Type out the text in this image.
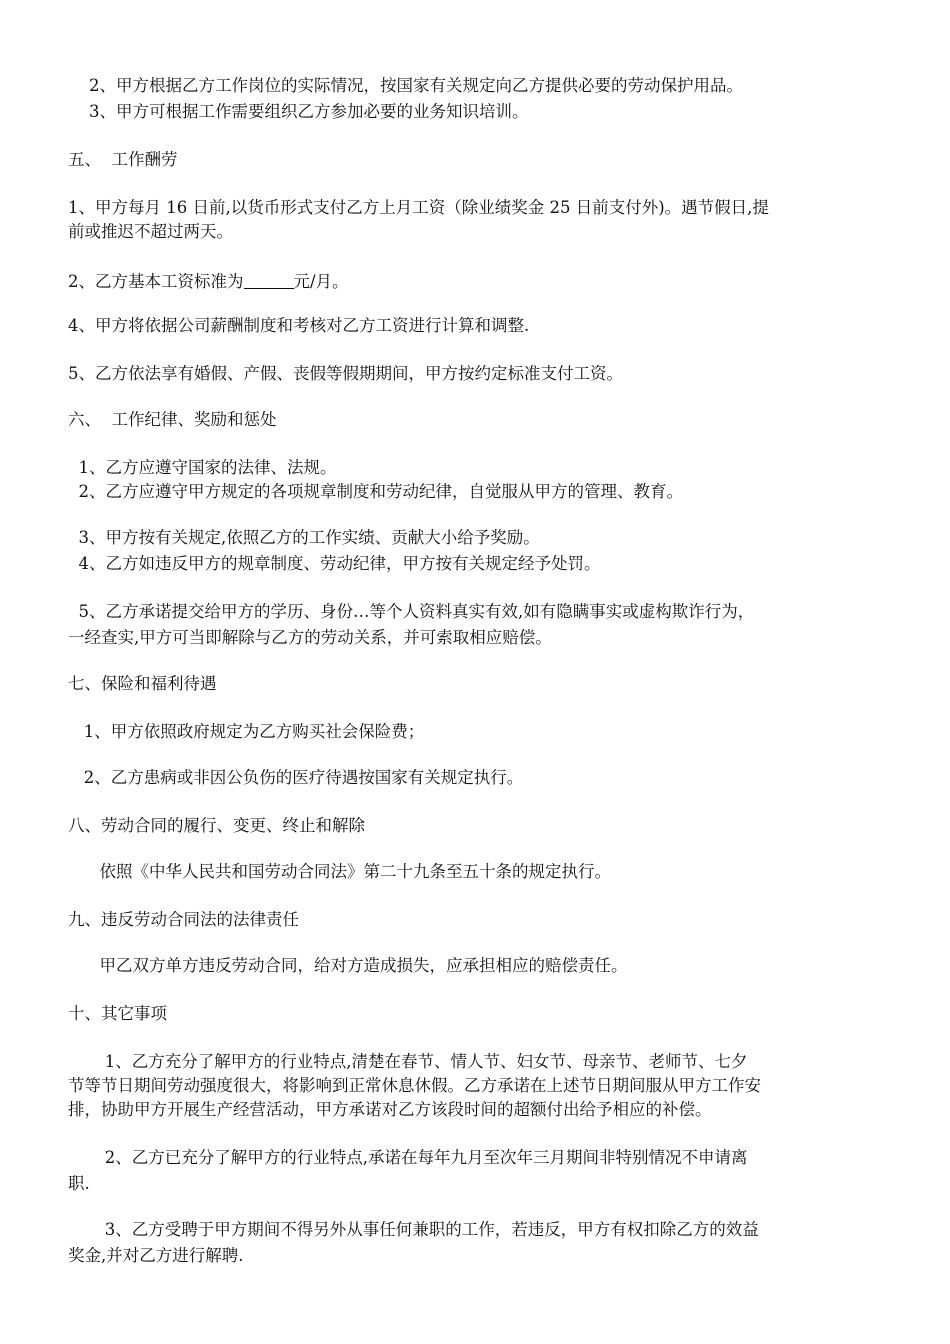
2、甲方根据乙方工作岗位的实际情况，按国家有关规定向乙方提供必要的劳动保护用品。
3、甲方可根据工作需要组织乙方参加必要的业务知识培训。
五、  工作酬劳
1、甲方每月 16 日前,以货币形式支付乙方上月工资（除业绩奖金 25 日前支付外)。遇节假日,提
前或推迟不超过两天。
2、乙方基本工资标准为	元/月。
4、甲方将依据公司薪酬制度和考核对乙方工资进行计算和调整.
5、乙方依法享有婚假、产假、丧假等假期期间，甲方按约定标准支付工资。
六、  工作纪律、奖励和惩处
1、乙方应遵守国家的法律、法规。
2、乙方应遵守甲方规定的各项规章制度和劳动纪律，自觉服从甲方的管理、教育。
3、甲方按有关规定,依照乙方的工作实绩、贡献大小给予奖励。
4、乙方如违反甲方的规章制度、劳动纪律，甲方按有关规定经予处罚。
5、乙方承诺提交给甲方的学历、身份…等个人资料真实有效,如有隐瞒事实或虚构欺诈行为，
一经查实,甲方可当即解除与乙方的劳动关系，并可索取相应赔偿。
七、保险和福利待遇
1、甲方依照政府规定为乙方购买社会保险费；
2、乙方患病或非因公负伤的医疗待遇按国家有关规定执行。
八、劳动合同的履行、变更、终止和解除
依照《中华人民共和国劳动合同法》第二十九条至五十条的规定执行。
九、违反劳动合同法的法律责任
甲乙双方单方违反劳动合同，给对方造成损失，应承担相应的赔偿责任。
十、其它事项
1、乙方充分了解甲方的行业特点,清楚在春节、情人节、妇女节、母亲节、老师节、七夕
节等节日期间劳动强度很大，将影响到正常休息休假。乙方承诺在上述节日期间服从甲方工作安
排，协助甲方开展生产经营活动，甲方承诺对乙方该段时间的超额付出给予相应的补偿。
2、乙方已充分了解甲方的行业特点,承诺在每年九月至次年三月期间非特别情况不申请离
职.
3、乙方受聘于甲方期间不得另外从事任何兼职的工作，若违反，甲方有权扣除乙方的效益
奖金,并对乙方进行解聘.
